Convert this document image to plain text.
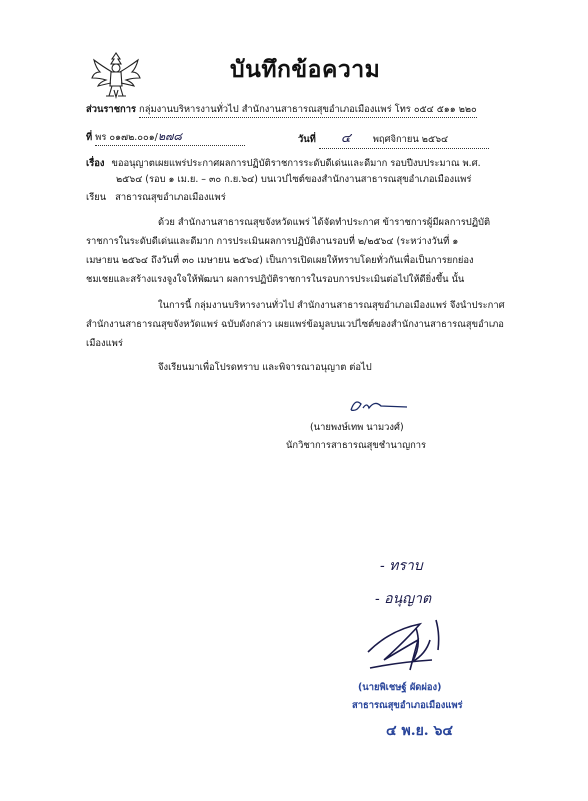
บันทึกข้อความ
ส่วนราชการ กลุ่มงานบริหารงานทั่วไป สำนักงานสาธารณสุขอำเภอเมืองแพร่ โทร ๐๕๔ ๕๑๑ ๒๒๐
ที่ พร ๐๑๗๒.๐๐๑/๒๗๘	วันที่ ๔ พฤศจิกายน ๒๕๖๔
เรื่อง ขออนุญาตเผยแพร่ประกาศผลการปฏิบัติราชการระดับดีเด่นและดีมาก รอบปีงบประมาณ พ.ศ.
๒๕๖๔ (รอบ ๑ เม.ย. – ๓๐ ก.ย.๖๔) บนเวปไซต์ของสำนักงานสาธารณสุขอำเภอเมืองแพร่
เรียน สาธารณสุขอำเภอเมืองแพร่
ด้วย สำนักงานสาธารณสุขจังหวัดแพร่ ได้จัดทำประกาศ ข้าราชการผู้มีผลการปฏิบัติ
ราชการในระดับดีเด่นและดีมาก การประเมินผลการปฏิบัติงานรอบที่ ๒/๒๕๖๔ (ระหว่างวันที่ ๑
เมษายน ๒๕๖๔ ถึงวันที่ ๓๐ เมษายน ๒๕๖๔) เป็นการเปิดเผยให้ทราบโดยทั่วกันเพื่อเป็นการยกย่อง
ชมเชยและสร้างแรงจูงใจให้พัฒนา ผลการปฏิบัติราชการในรอบการประเมินต่อไปให้ดียิ่งขึ้น นั้น
ในการนี้ กลุ่มงานบริหารงานทั่วไป สำนักงานสาธารณสุขอำเภอเมืองแพร่ จึงนำประกาศ
สำนักงานสาธารณสุขจังหวัดแพร่ ฉบับดังกล่าว เผยแพร่ข้อมูลบนเวปไซต์ของสำนักงานสาธารณสุขอำเภอ
เมืองแพร่
จึงเรียนมาเพื่อโปรดทราบ และพิจารณาอนุญาต ต่อไป
(นายพงษ์เทพ นามวงศ์)
นักวิชาการสาธารณสุขชำนาญการ
- ทราบ
- อนุญาต
(นายพิเชษฐ์ ผัดผ่อง)
สาธารณสุขอำเภอเมืองแพร่
๔ พ.ย. ๖๔
